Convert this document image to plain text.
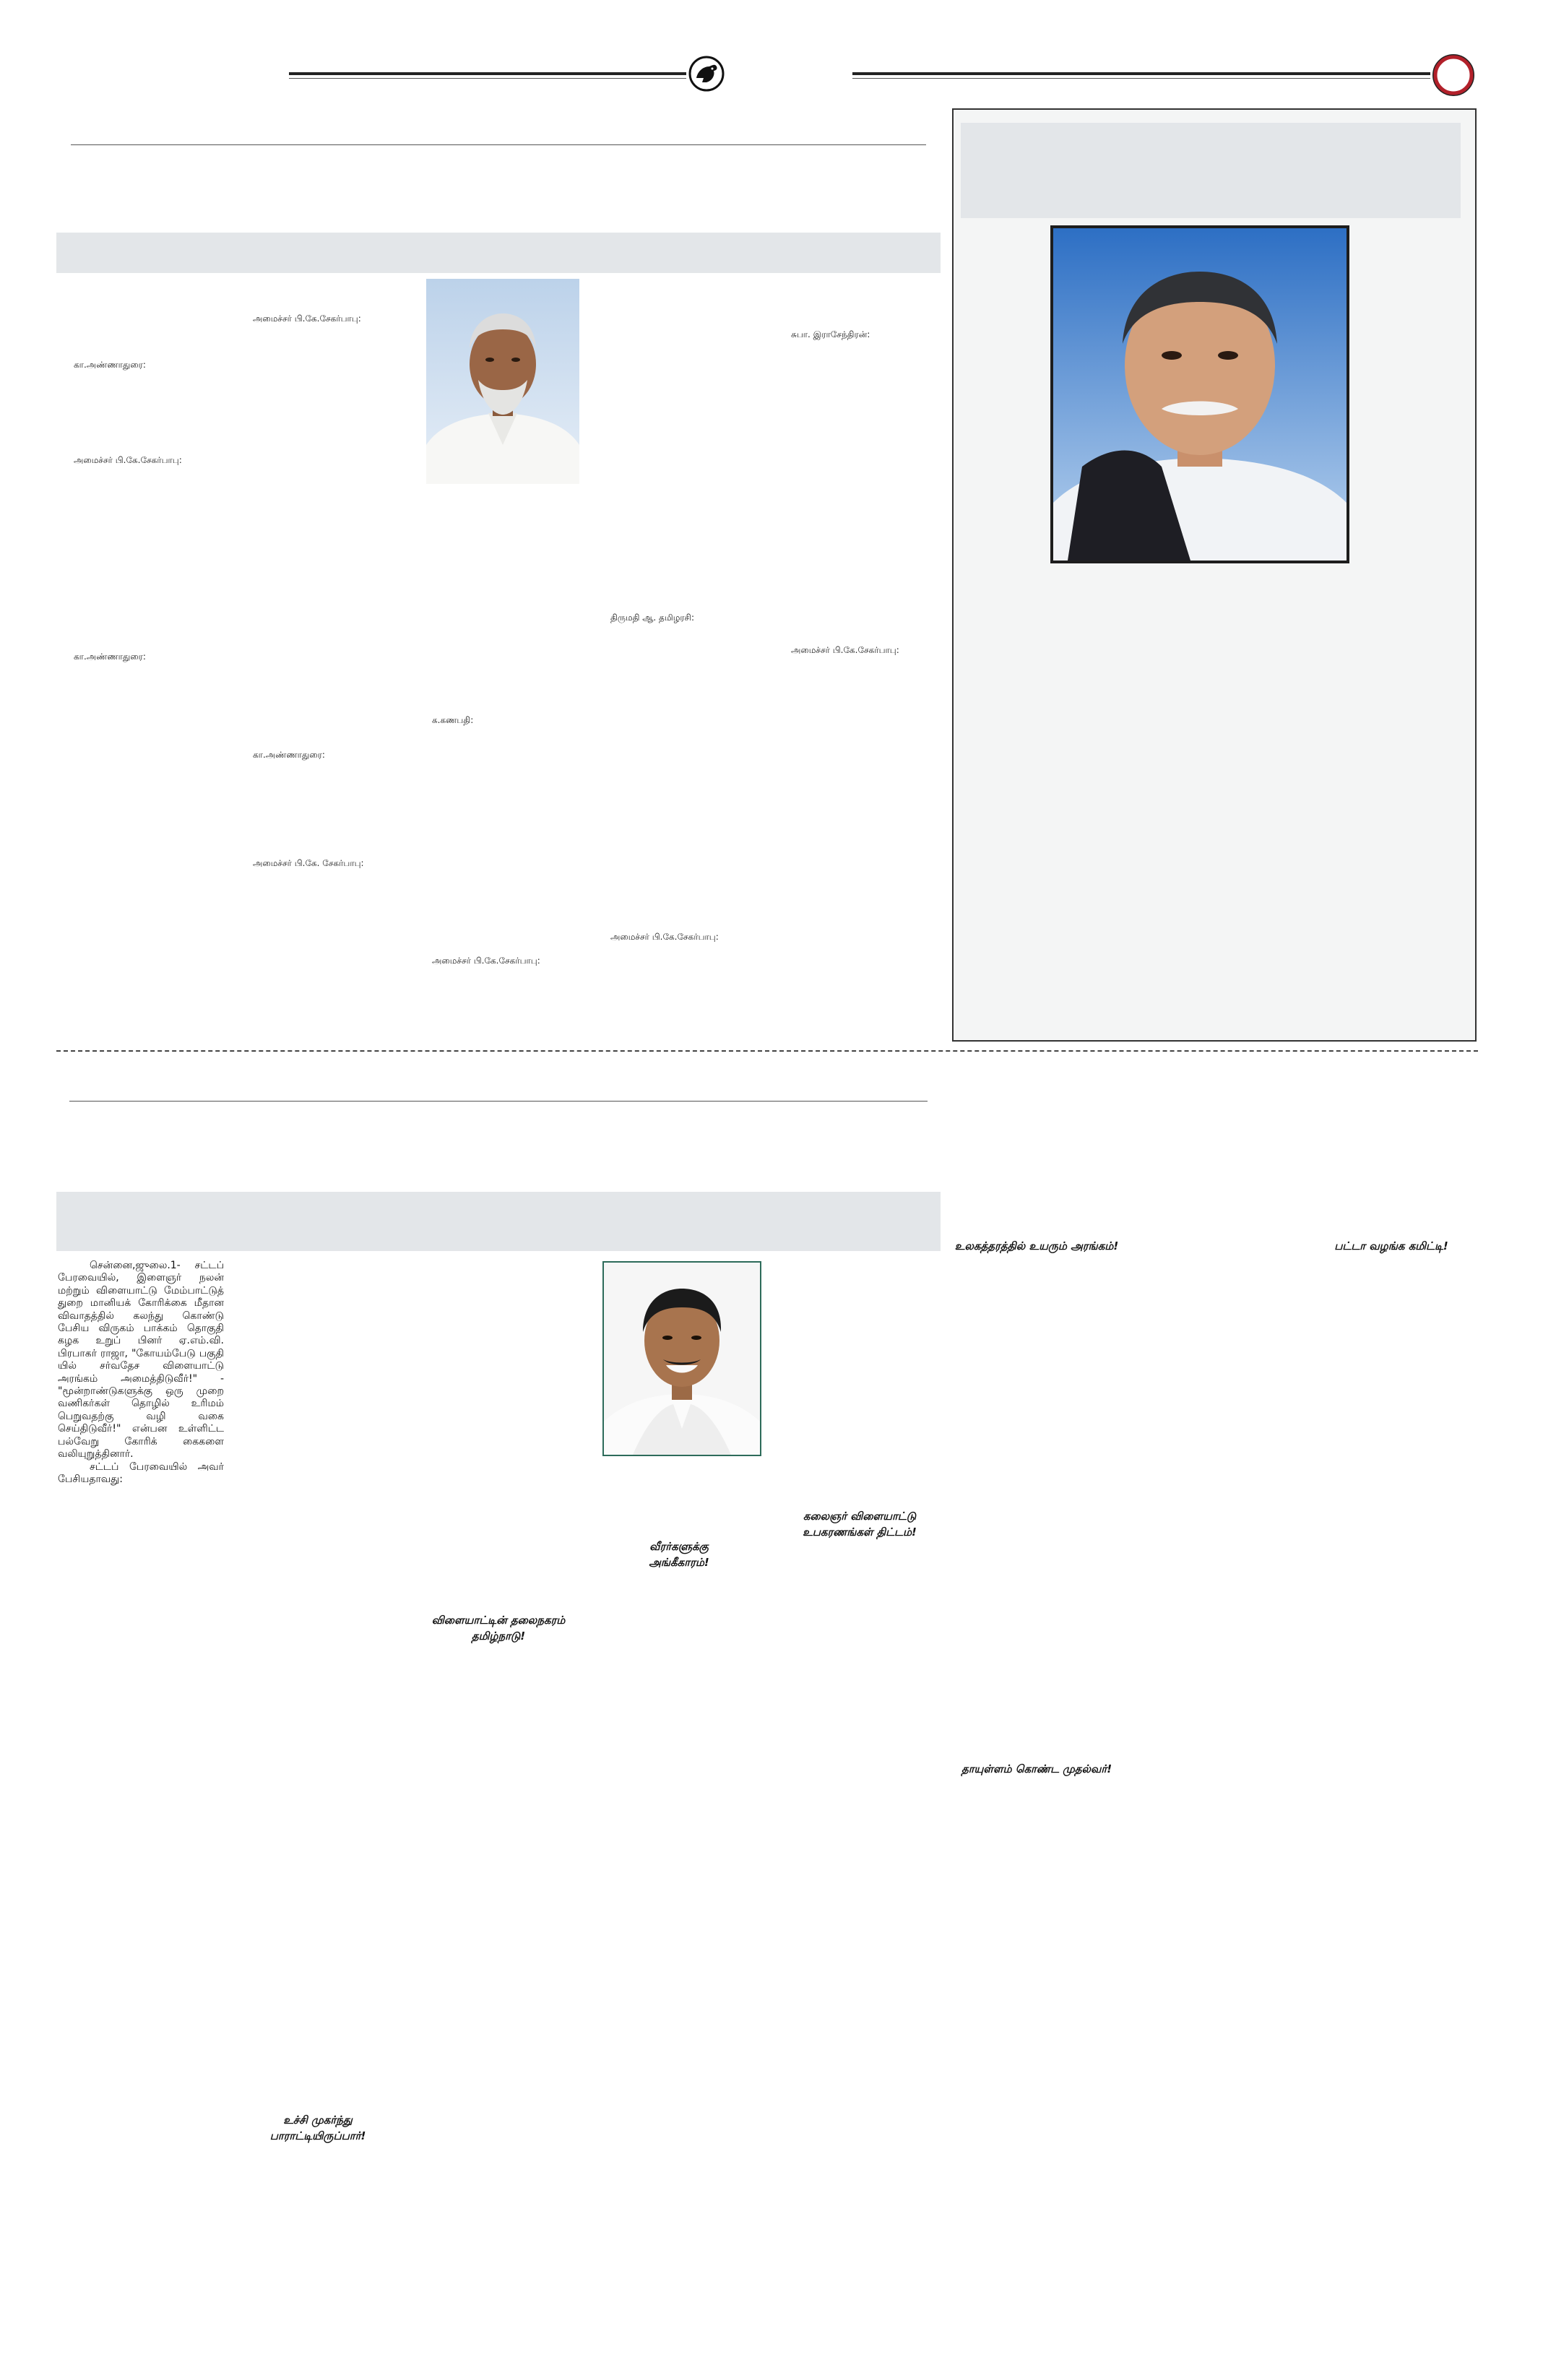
அமைச்சர் பி.கே.சேகர்பாபு:
கா.அண்ணாதுரை:
அமைச்சர் பி.கே.சேகர்பாபு:
சுபா. இராசேந்திரன்:
திருமதி ஆ. தமிழரசி:
கா.அண்ணாதுரை:
அமைச்சர் பி.கே.சேகர்பாபு:
க.கணபதி:
கா.அண்ணாதுரை:
அமைச்சர் பி.கே. சேகர்பாபு:
அமைச்சர் பி.கே.சேகர்பாபு:
அமைச்சர் பி.கே.சேகர்பாபு:
சென்னை,ஜுலை.1- சட்டப் பேரவையில், இளைஞர் நலன் மற்றும் விளையாட்டு மேம்பாட்டுத் துறை மானியக் கோரிக்கை மீதான விவாதத்தில் கலந்து கொண்டு பேசிய விருகம் பாக்கம் தொகுதி கழக உறுப் பினர் ஏ.எம்.வி. பிரபாகர் ராஜா, "கோயம்பேடு பகுதி யில் சர்வதேச விளையாட்டு அரங்கம் அமைத்திடுவீர்!" - "மூன்றாண்டுகளுக்கு ஒரு முறை வணிகர்கள் தொழில் உரிமம் பெறுவதற்கு வழி வகை செய்திடுவீர்!" என்பன உள்ளிட்ட பல்வேறு கோரிக் கைகளை வலியுறுத்தினார்.
சட்டப் பேரவையில் அவர் பேசியதாவது:
கலைஞர் விளையாட்டு உபகரணங்கள் திட்டம்!
வீரர்களுக்கு அங்கீகாரம்!
விளையாட்டின் தலைநகரம் தமிழ்நாடு!
உச்சி முகர்ந்து பாராட்டியிருப்பார்!
உலகத்தரத்தில் உயரும் அரங்கம்!	பட்டா வழங்க கமிட்டி!
தாயுள்ளம் கொண்ட முதல்வர்!
